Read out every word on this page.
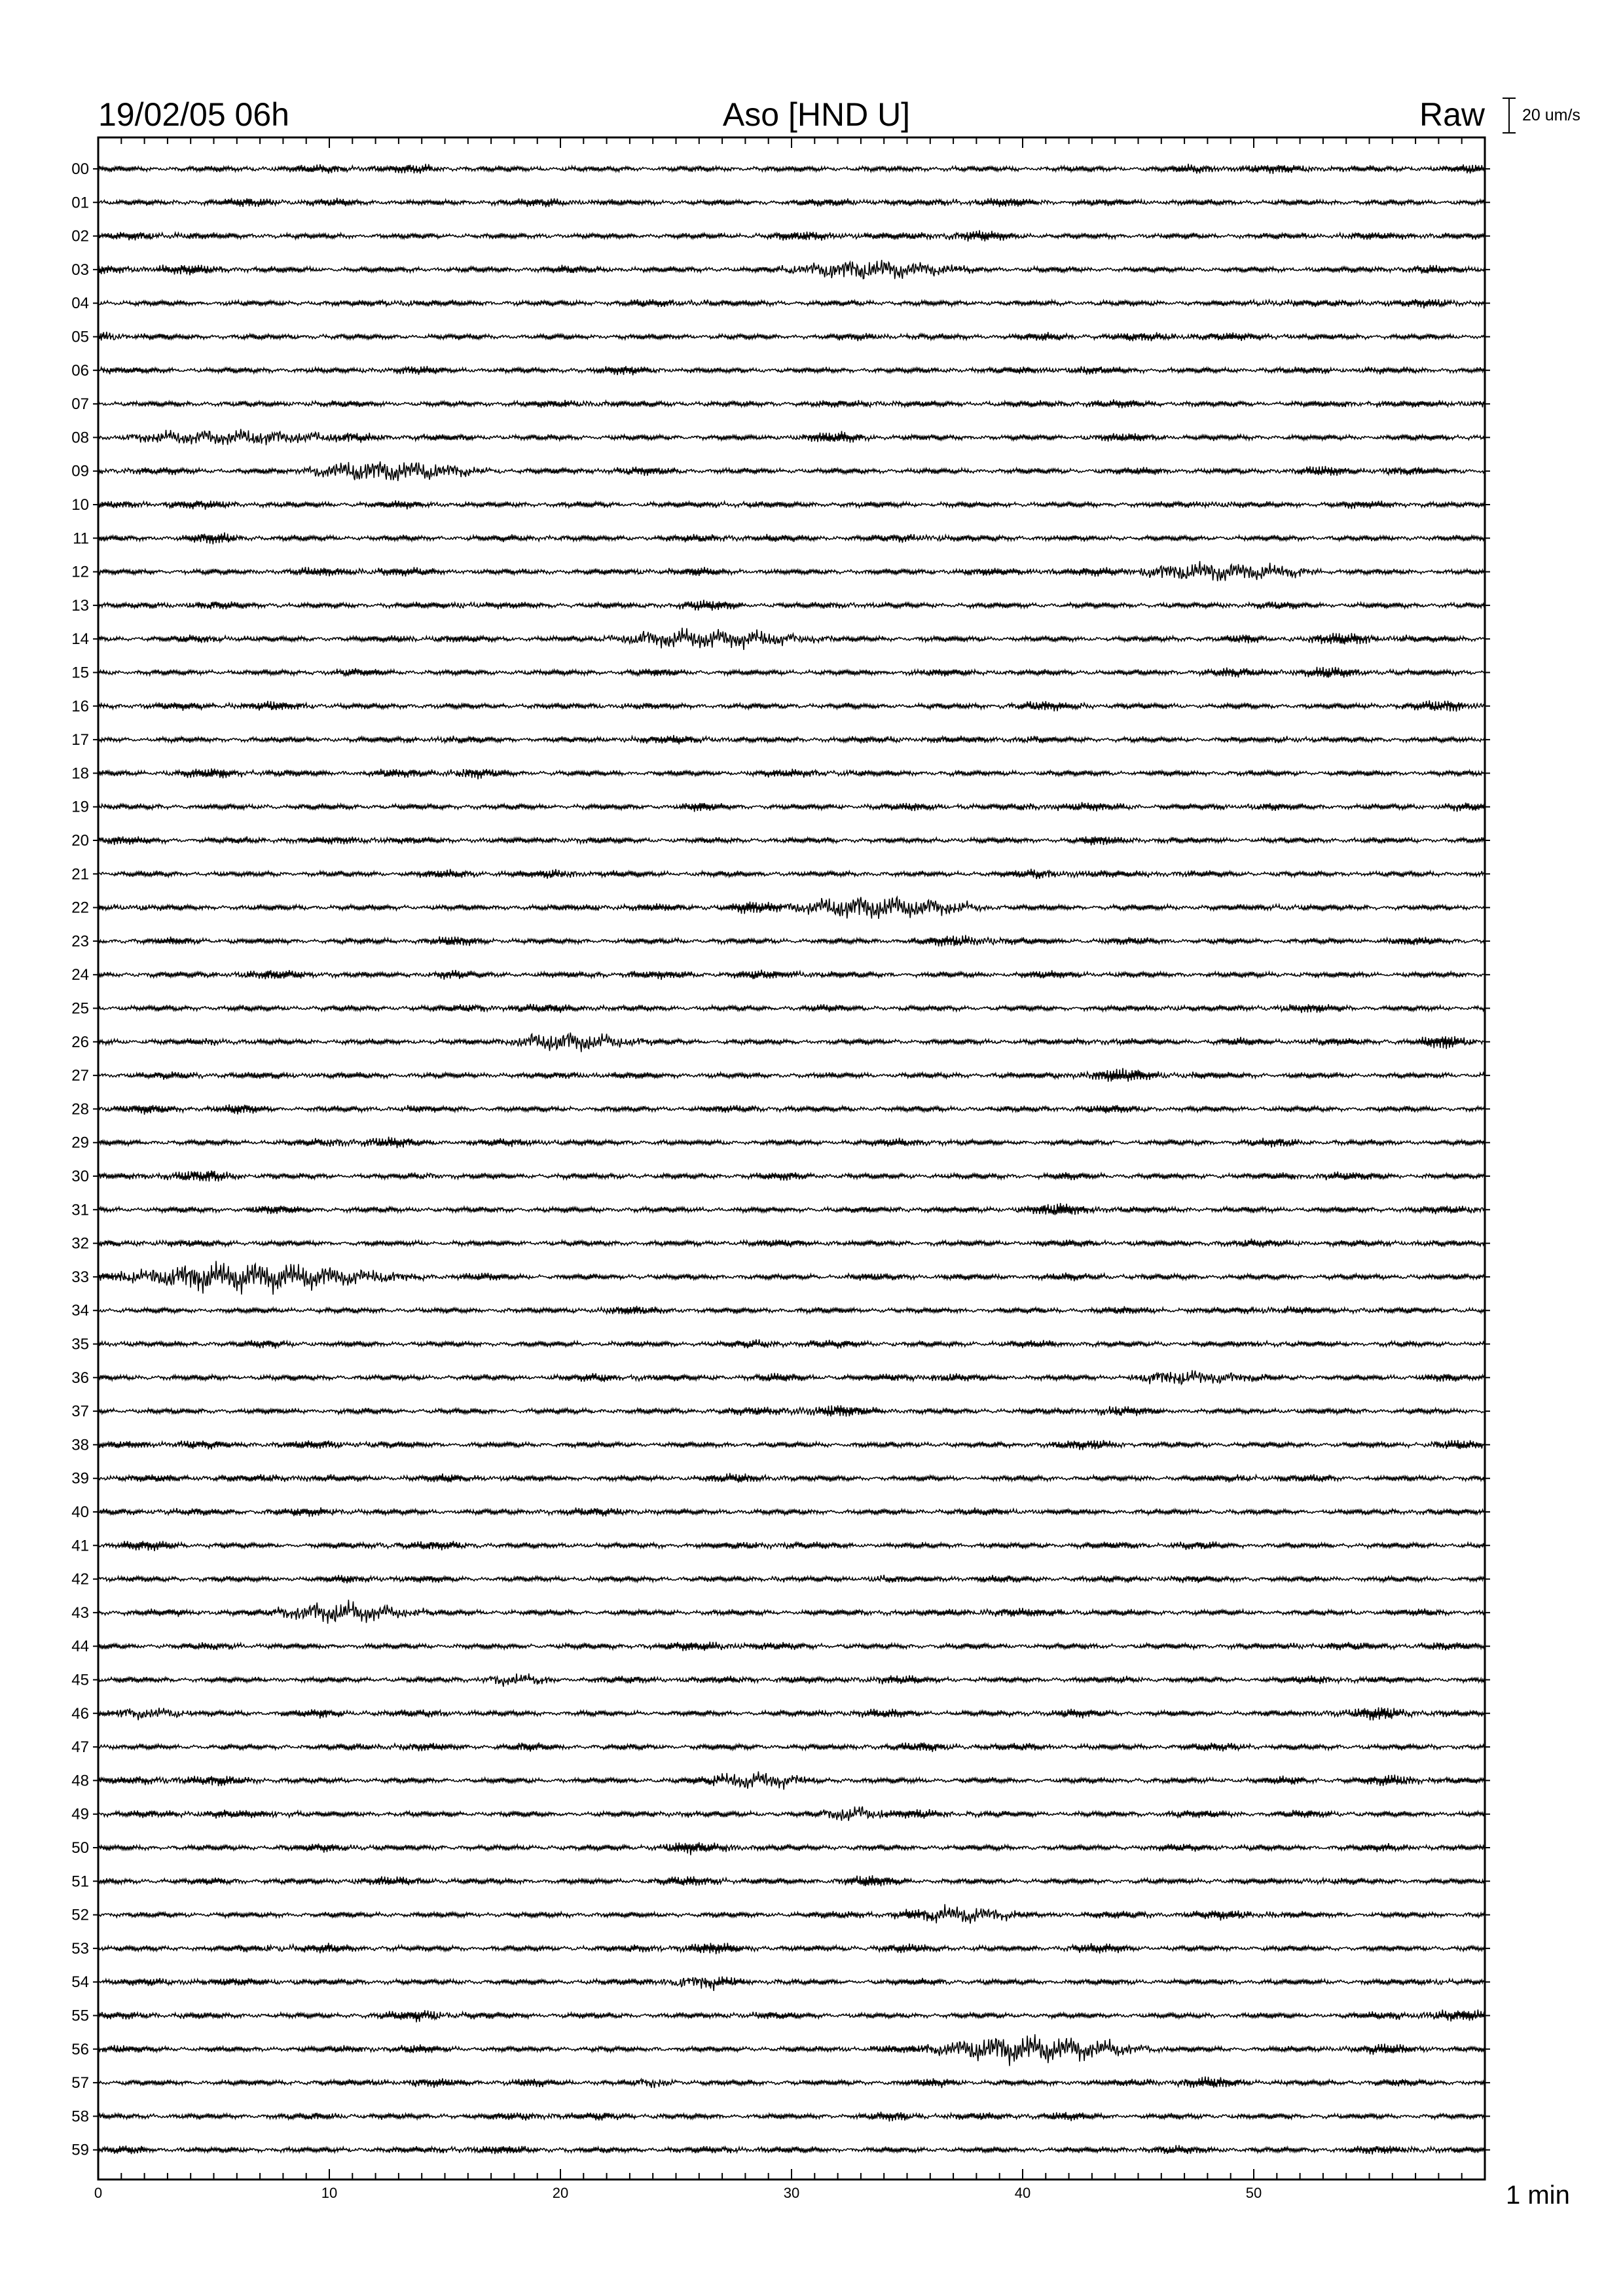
19/02/05 06h	Aso [HND U]	Raw 20 um/s
00
01
02
03
04
05
06
07
08
09
10
11
12
13
14
15
16
17
18
19
20
21
22
23
24
25
26
27
28
29
30
31
32
33
34
35
36
37
38
39
40
41
42
43
44
45
46
47
48
49
50
51
52
53
54
55
56
57
58
59
0	10	20	30	40	50	1 min
